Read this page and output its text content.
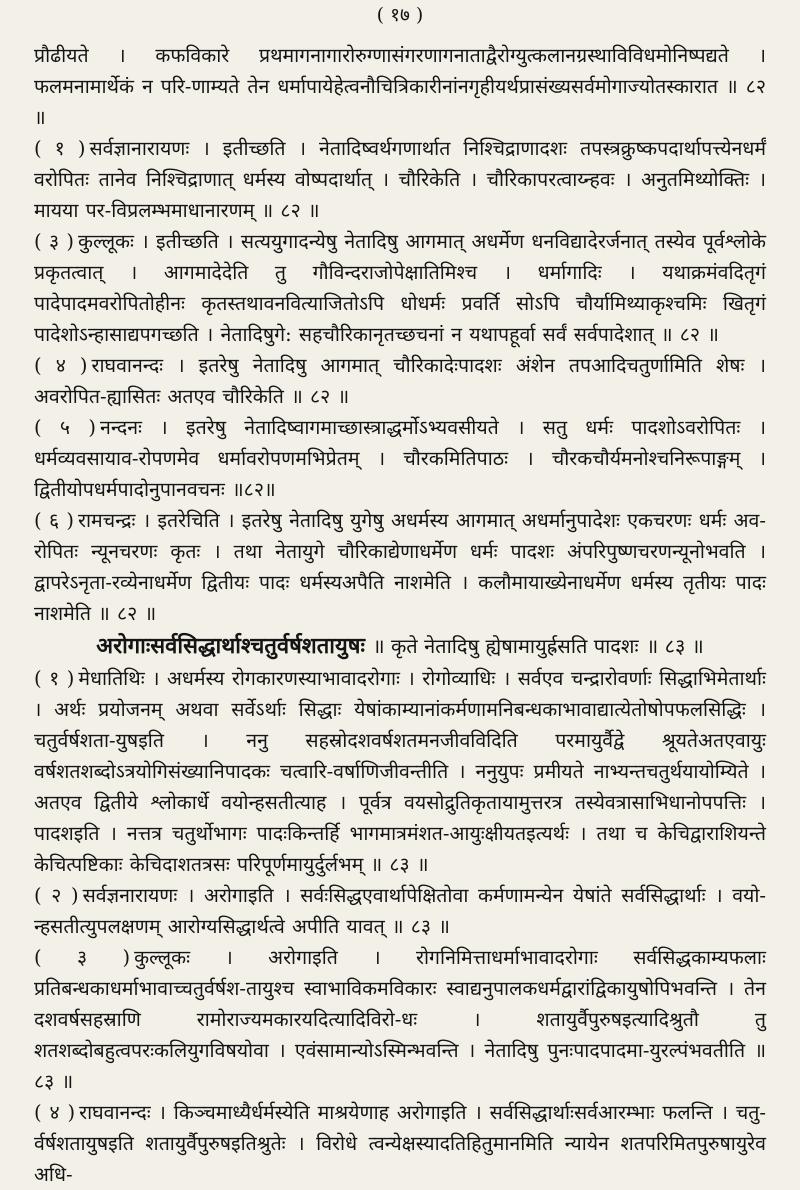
( १७ )

प्रौढीयते । कफविकारे प्रथमागनागारोरुग्णासंगरणागनाताद्वैरोग्युत्कलानग्रस्थाविविधमोनिष्पद्यते । फलमनामार्थेकं न परि-णाम्यते तेन धर्मापायेहेत्वनौचित्रिकारीनांनगृहीयर्थप्रासंख्यसर्वमोगाज्योतस्कारात ॥ ८२ ॥

( १ ) सर्वज्ञानारायणः । इतीच्छति । नेतादिष्वर्थगणार्थात निश्चिद्राणादशः तपस्त्रक्रुष्कपदार्थापत्त्येनधर्मं वरोपितः तानेव निश्चिद्राणात् धर्मस्य वोष्पदार्थात् । चौरिकेति । चौरिकापरत्वाय्न्हवः । अनुतमिथ्योक्तिः । मायया पर-विप्रलम्भमाधानारणम् ॥ ८२ ॥

( ३ ) कुल्लूकः । इतीच्छति । सत्ययुगादन्येषु नेतादिषु आगमात् अधर्मेण धनविद्यादेरर्जनात् तस्येव पूर्वश्लोके प्रकृतत्वात् । आगमादेदेति तु गौविन्दराजोपेक्षातिमिश्च । धर्मागादिः । यथाक्रमंवदितृगं पादेपादमवरोपितोहीनः कृतस्तथावनवित्याजितोऽपि धोधर्मः प्रवर्ति सोऽपि चौर्यामिथ्याकृश्चमिः खितृगं पादेशोऽन्हासाद्यपगच्छति । नेतादिषुगे: सहचौरिकानृतच्छचनां न यथापहूर्वा सर्वं सर्वपादेशात् ॥ ८२ ॥

( ४ ) राघवानन्दः । इतरेषु नेतादिषु आगमात् चौरिकादेःपादशः अंशेन तपआदिचतुर्णामिति शेषः । अवरोपित-ह्यासितः अतएव चौरिकेति ॥ ८२ ॥

( ५ ) नन्दनः । इतरेषु नेतादिष्वागमाच्छास्त्राद्धर्मोऽभ्यवसीयते । सतु धर्मः पादशोऽवरोपितः । धर्मव्यवसायाव-रोपणमेव धर्मावरोपणमभिप्रेतम् । चौरकमितिपाठः । चौरकचौर्यमनोश्चनिरूपाङ्गम् । द्वितीयोपधर्मपादोनुपानवचनः ॥८२॥

( ६ ) रामचन्द्रः । इतरेचिति । इतरेषु नेतादिषु युगेषु अधर्मस्य आगमात् अधर्मानुपादेशः एकचरणः धर्मः अव-रोपितः न्यूनचरणः कृतः । तथा नेतायुगे चौरिकाद्येणाधर्मेण धर्मः पादशः अंपरिपुष्णचरणन्यूनोभवति । द्वापरेऽनृता-रव्येनाधर्मेण द्वितीयः पादः धर्मस्यअपैति नाशमेति । कलौमायाख्येनाधर्मेण धर्मस्य तृतीयः पादः नाशमेति ॥ ८२ ॥

अरोगाःसर्वसिद्धार्थाश्चतुर्वर्षशतायुषः ॥ कृते नेतादिषु ह्येषामायुर्ह्रसति पादशः ॥ ८३ ॥

( १ ) मेधातिथिः । अधर्मस्य रोगकारणस्याभावादरोगाः । रोगोव्याधिः । सर्वएव चन्द्रारोवर्णाः सिद्धाभिमेतार्थाः । अर्थः प्रयोजनम् अथवा सर्वेऽर्थाः सिद्धाः येषांकाम्यानांकर्मणामनिबन्धकाभावाद्यात्येतोषोपफलसिद्धिः । चतुर्वर्षशता-युषइति । ननु सहस्रोदशवर्षशतमनजीवविदिति परमायुर्वैद्वे श्रूयतेअतएवायुः वर्षशतशब्दोऽत्रयोगिसंख्यानिपादकः चत्वारि-वर्षाणिजीवन्तीति । ननुयुपः प्रमीयते नाभ्यन्तचतुर्थयायोम्यिते । अतएव द्वितीये श्लोकार्धे वयोन्हसतीत्याह । पूर्वत्र वयसोद्रुतिकृतायामुत्तरत्र तस्येवत्रासाभिधानोपपत्तिः । पादशइति । नत्तत्र चतुर्थोभागः पादःकिन्तर्हि भागमात्रमंशत-आयुःक्षीयतइत्यर्थः । तथा च केचिद्वाराशियन्ते केचित्पष्टिकाः केचिदाशतत्रसः परिपूर्णमायुर्दुर्लभम् ॥ ८३ ॥

( २ ) सर्वज्ञनारायणः । अरोगाइति । सर्वःसिद्धएवार्थापेक्षितोवा कर्मणामन्येन येषांते सर्वसिद्धार्थाः । वयो-न्हसतीत्युपलक्षणम् आरोग्यसिद्धार्थत्वे अपीति यावत् ॥ ८३ ॥

( ३ ) कुल्लूकः । अरोगाइति । रोगनिमित्ताधर्माभावादरोगाः सर्वसिद्धकाम्यफलाः प्रतिबन्धकाधर्माभावाच्चतुर्वर्षश-तायुश्च स्वाभाविकमविकारः स्वाद्यनुपालकधर्मद्वारांद्विकायुषोपिभवन्ति । तेन दशवर्षसहस्राणि रामोराज्यमकारयदित्यादिविरो-धः । शतायुर्वैपुरुषइत्यादिश्रुतौ तु शतशब्दोबहुत्वपरःकलियुगविषयोवा । एवंसामान्योऽस्मिन्भवन्ति । नेतादिषु पुनःपादपादमा-युरल्पंभवतीति ॥ ८३ ॥

( ४ ) राघवानन्दः । किञ्चमाध्यैर्धर्मस्येति माश्रयेणाह अरोगाइति । सर्वसिद्धार्थाःसर्वआरम्भाः फलन्ति । चतु-र्वर्षशतायुषइति शतायुर्वैपुरुषइतिश्रुतेः । विरोधे त्वन्येक्षस्यादतिहितुमानमिति न्यायेन शतपरिमितपुरुषायुरेव अधि-
